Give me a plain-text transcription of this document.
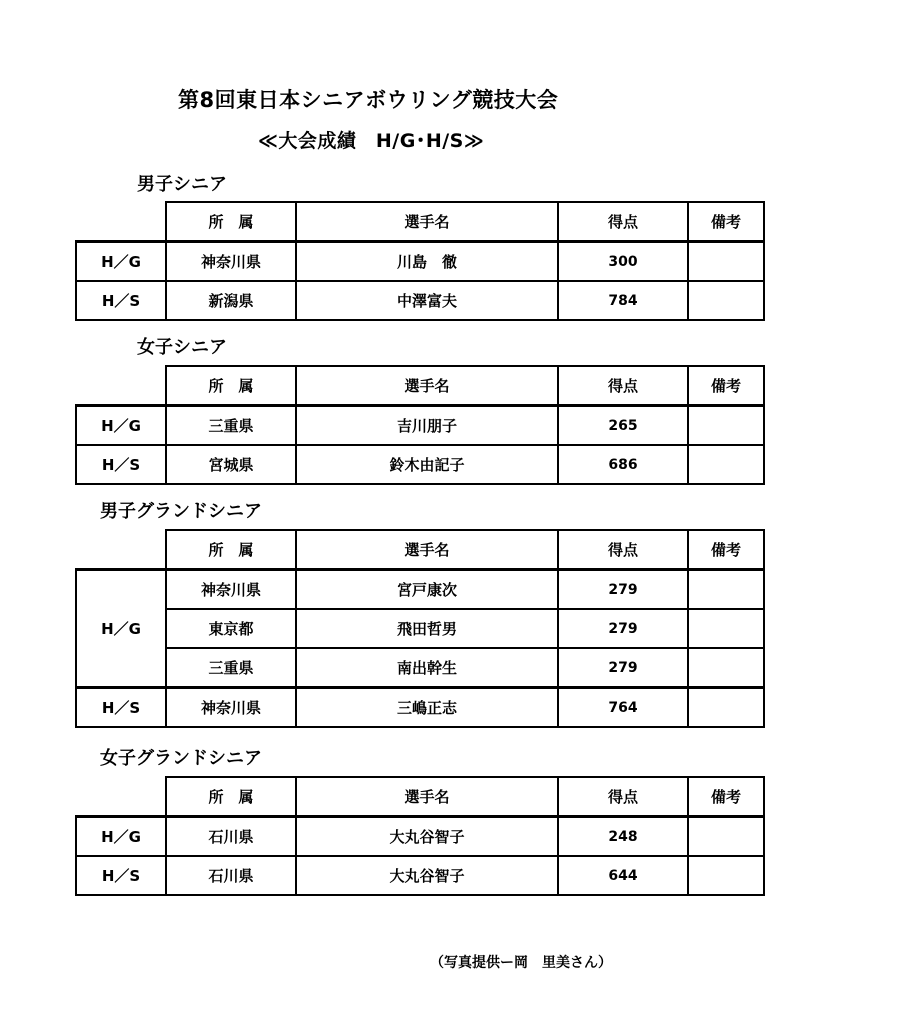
第8回東日本シニアボウリング競技大会
≪大会成績　H/G･H/S≫
男子シニア
	所　属	選手名	得点	備考
H／G	神奈川県	川島　徹	300	
H／S	新潟県	中澤富夫	784	
女子シニア
	所　属	選手名	得点	備考
H／G	三重県	吉川朋子	265	
H／S	宮城県	鈴木由記子	686	
男子グランドシニア
	所　属	選手名	得点	備考
H／G	神奈川県	宮戸康次	279	
	東京都	飛田哲男	279	
	三重県	南出幹生	279	
H／S	神奈川県	三嶋正志	764	
女子グランドシニア
	所　属	選手名	得点	備考
H／G	石川県	大丸谷智子	248	
H／S	石川県	大丸谷智子	644	
（写真提供ー岡　里美さん）
